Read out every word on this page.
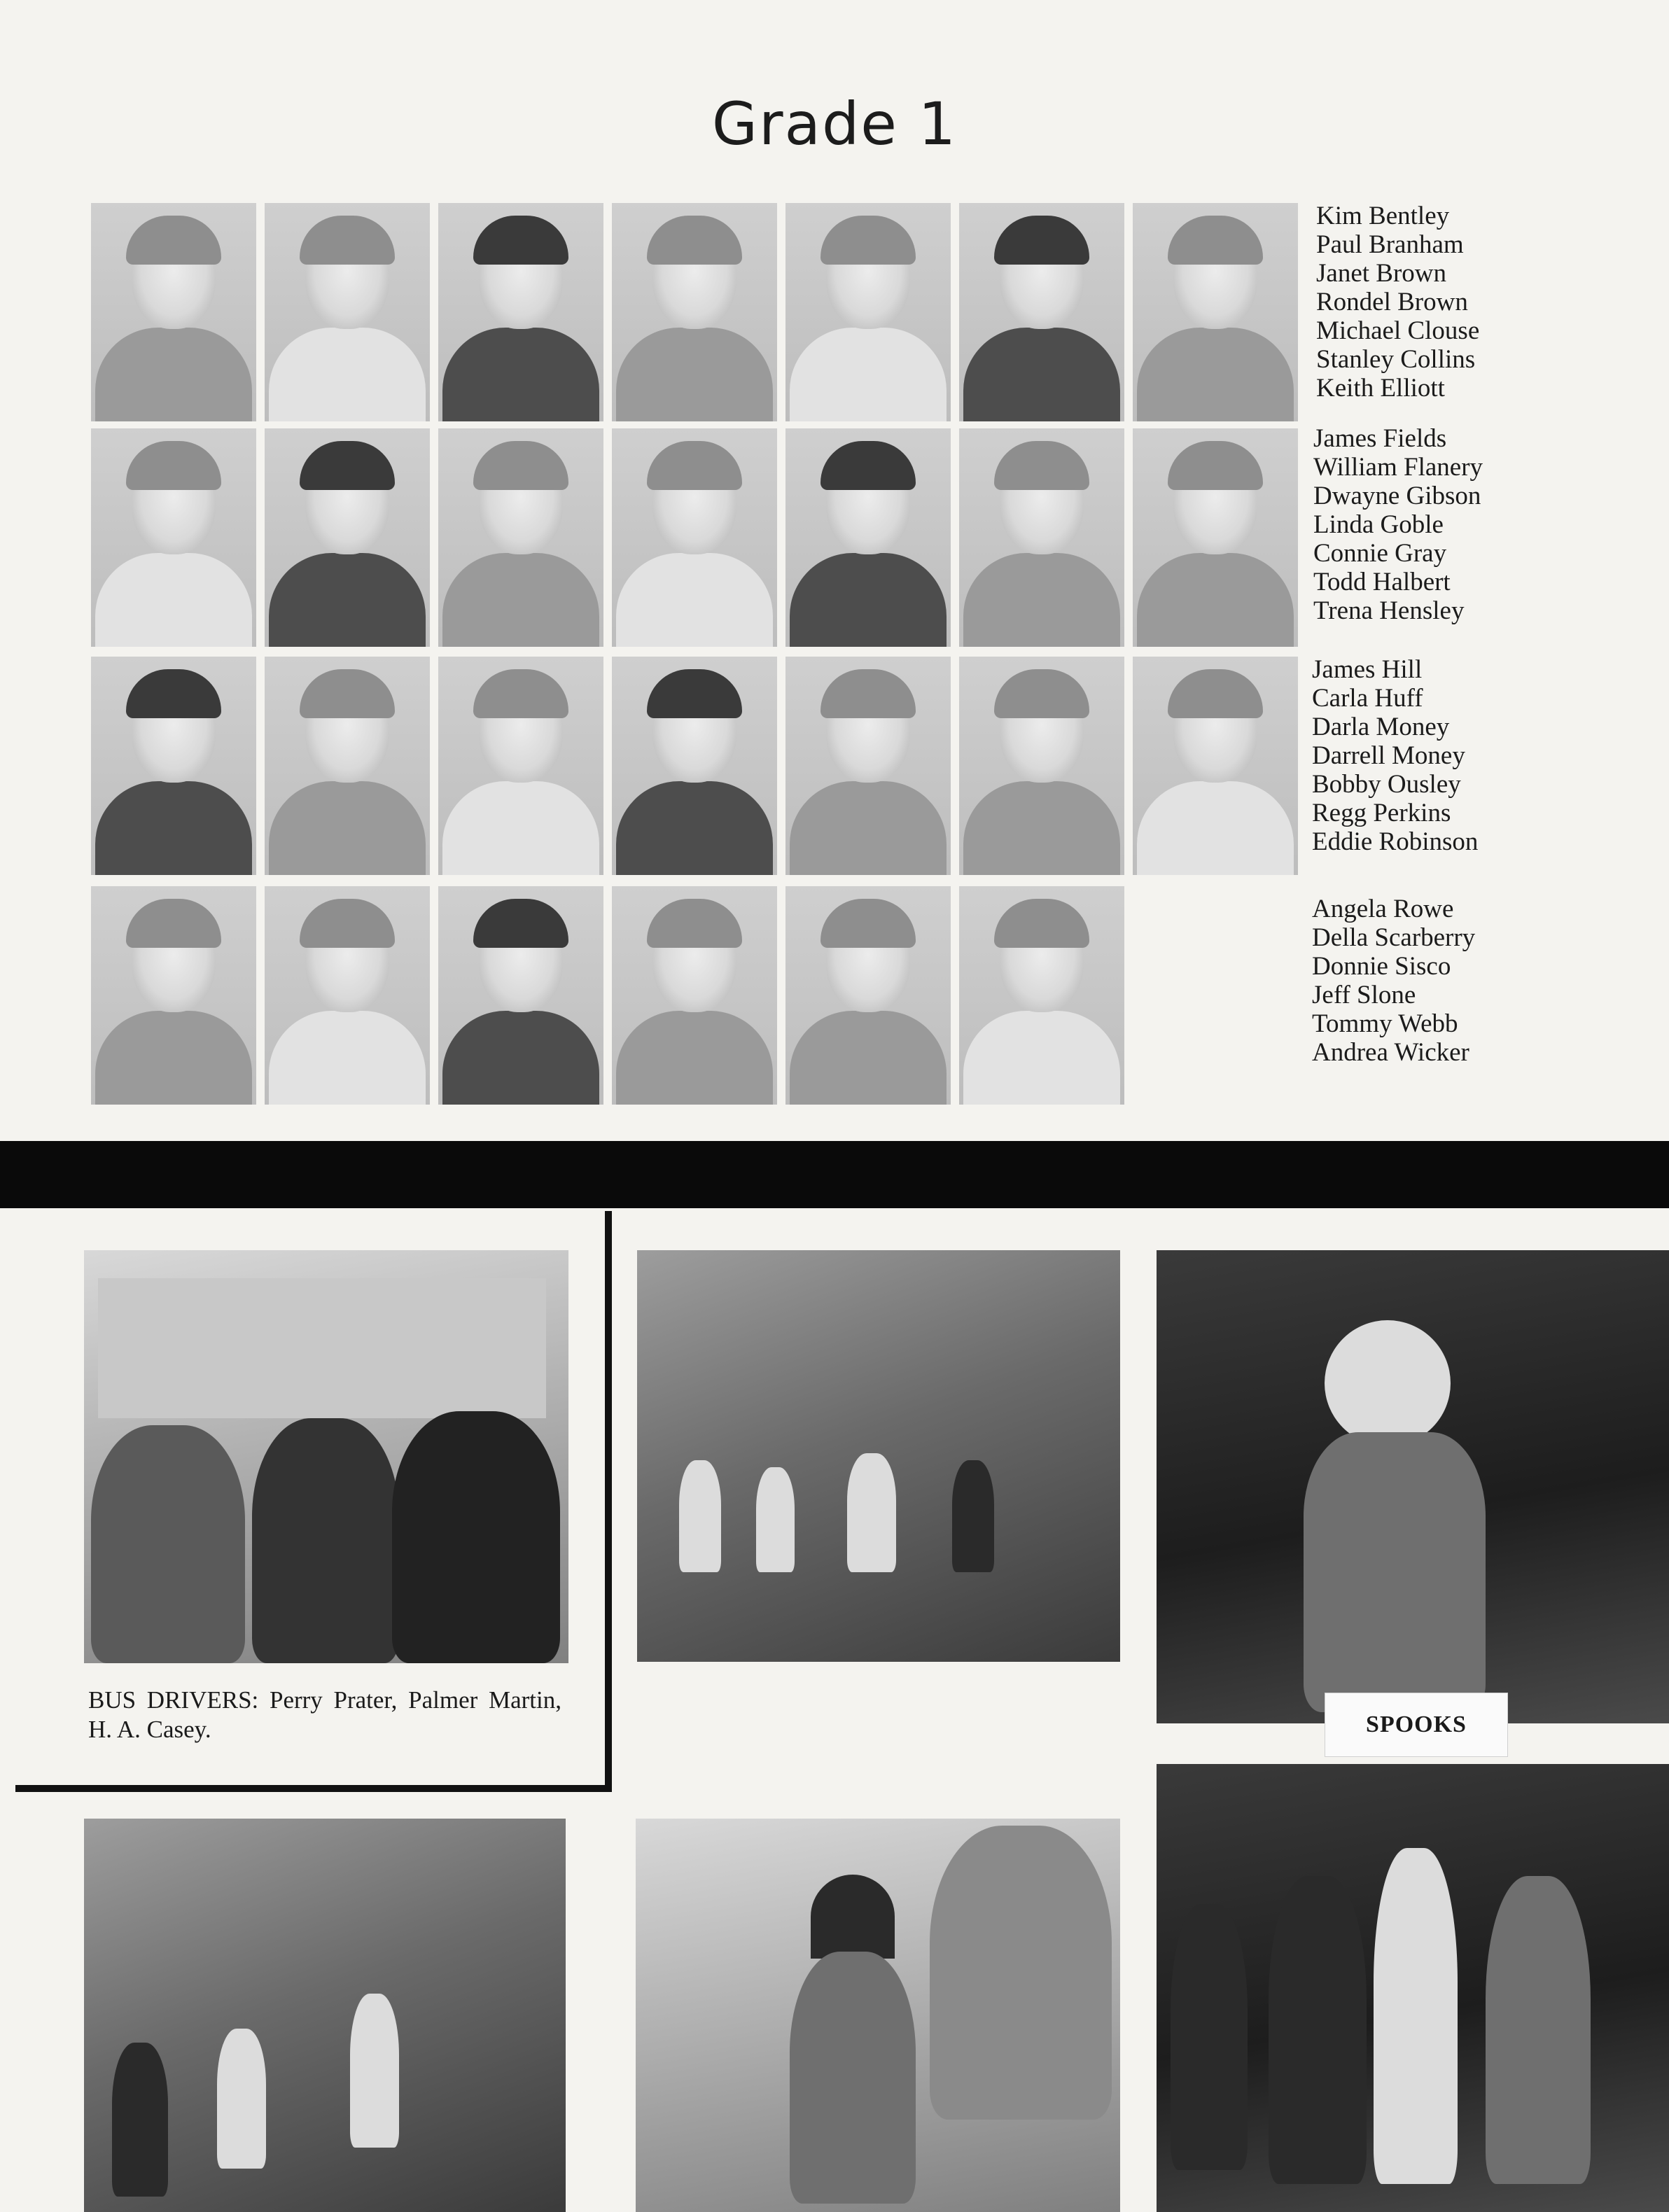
Grade 1
Kim Bentley
Paul Branham
Janet Brown
Rondel Brown
Michael Clouse
Stanley Collins
Keith Elliott
James Fields
William Flanery
Dwayne Gibson
Linda Goble
Connie Gray
Todd Halbert
Trena Hensley
James Hill
Carla Huff
Darla Money
Darrell Money
Bobby Ousley
Regg Perkins
Eddie Robinson
Angela Rowe
Della Scarberry
Donnie Sisco
Jeff Slone
Tommy Webb
Andrea Wicker
BUS DRIVERS: Perry Prater, Palmer Martin, H. A. Casey.	SPOOKS
